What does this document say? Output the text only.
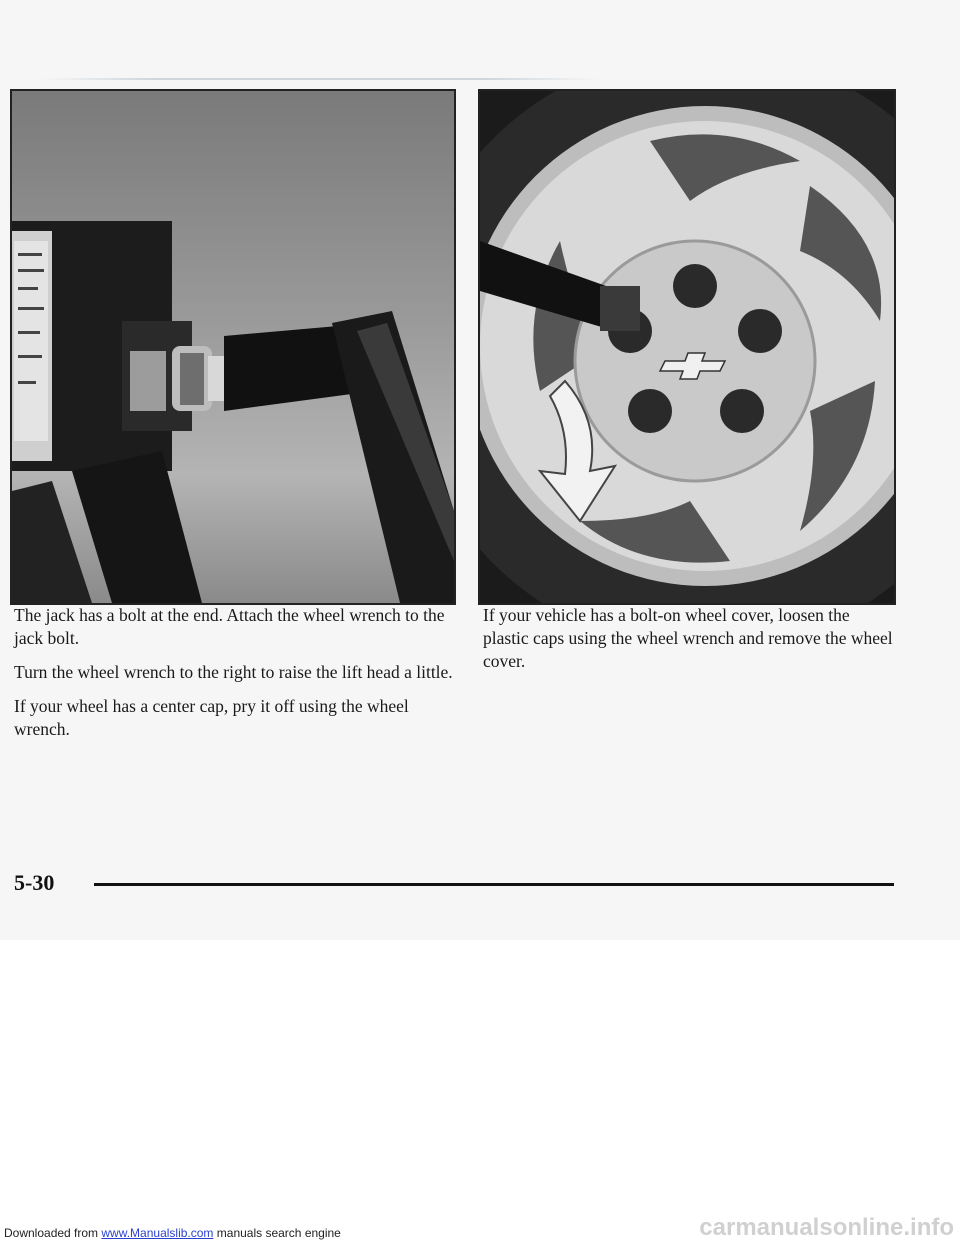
The jack has a bolt at the end. Attach the wheel wrench to the jack bolt.

Turn the wheel wrench to the right to raise the lift head a little.

If your wheel has a center cap, pry it off using the wheel wrench.

If your vehicle has a bolt-on wheel cover, loosen the plastic caps using the wheel wrench and remove the wheel cover.

5-30
Downloaded from www.Manualslib.com manuals search engine	carmanualsonline.info
